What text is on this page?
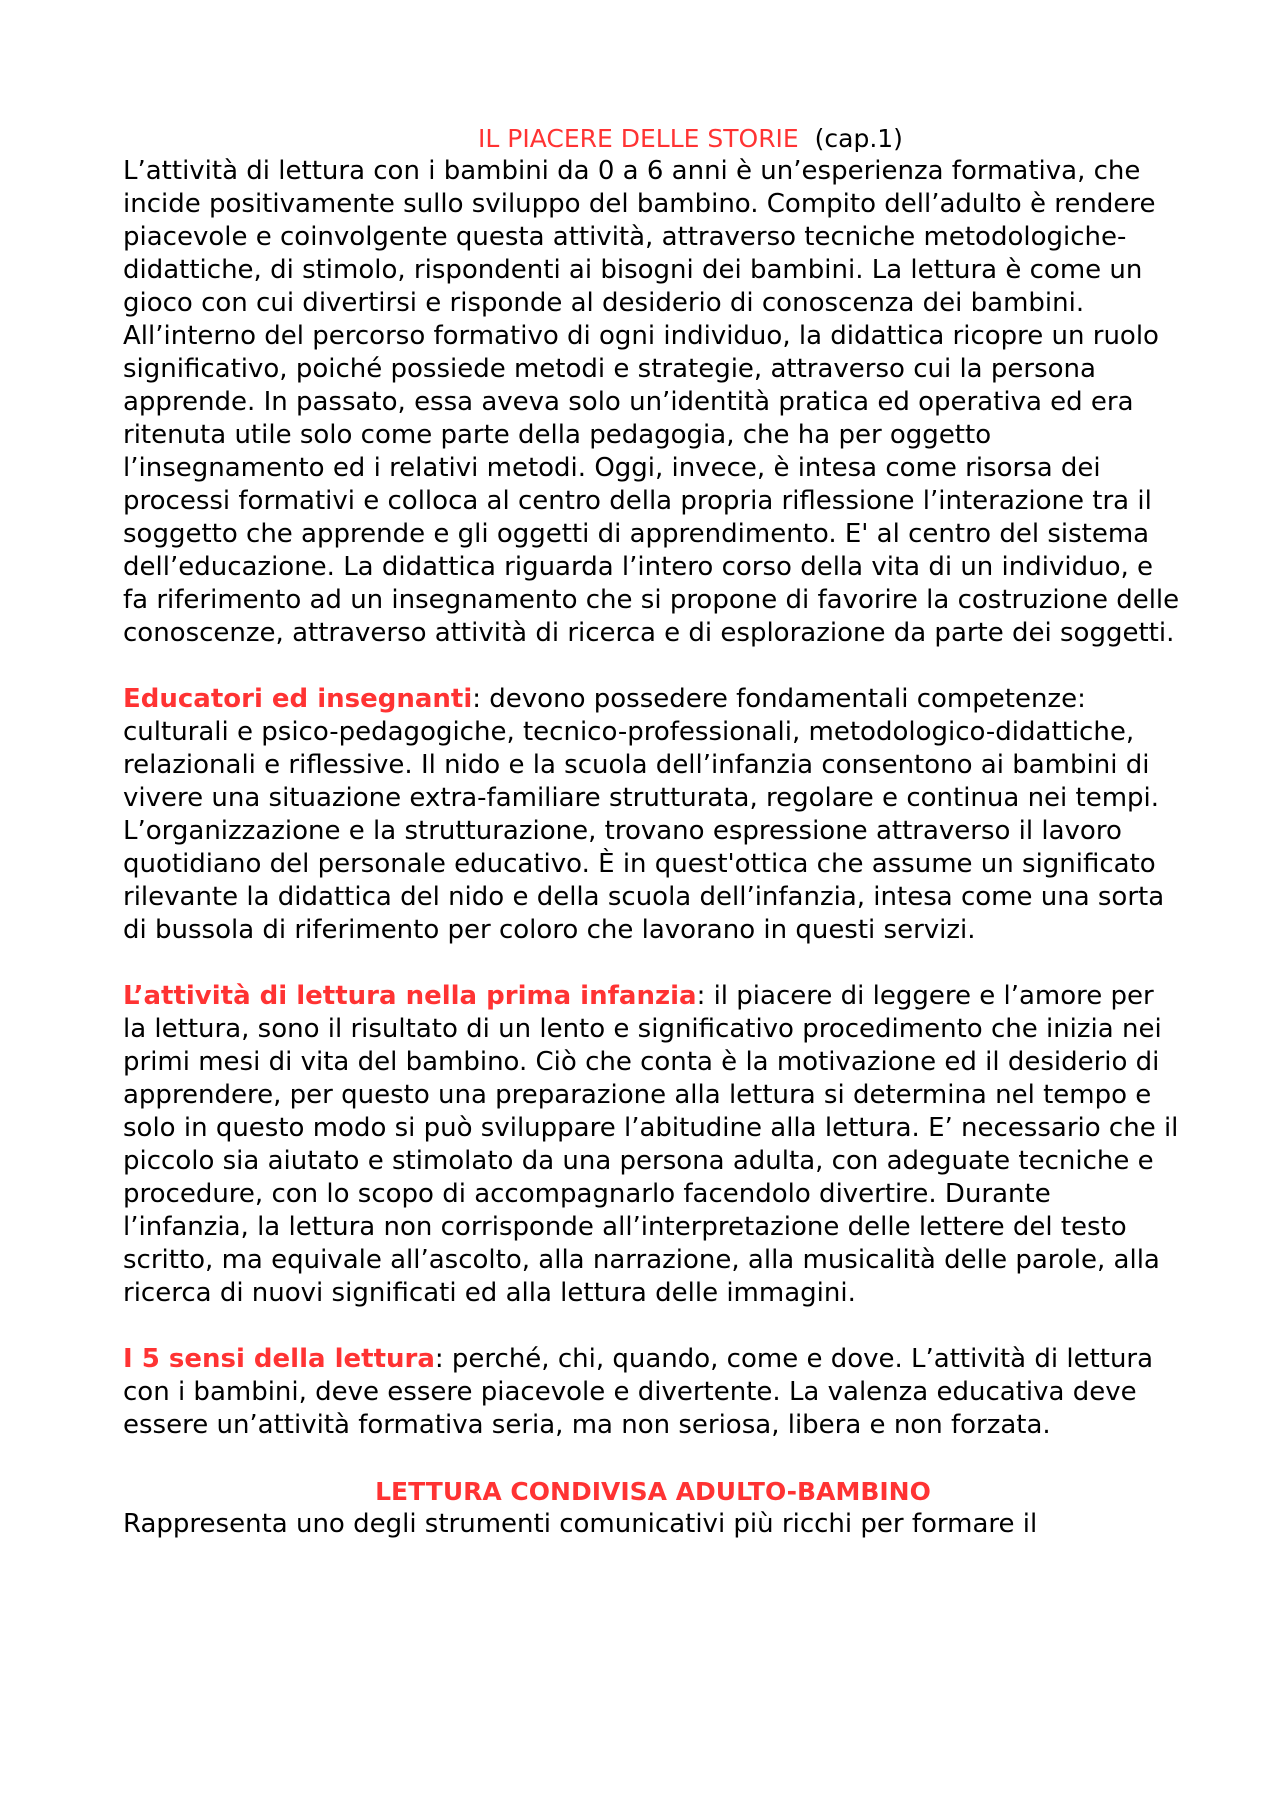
IL PIACERE DELLE STORIE (cap.1)

L’attività di lettura con i bambini da 0 a 6 anni è un’esperienza formativa, che incide positivamente sullo sviluppo del bambino. Compito dell’adulto è rendere piacevole e coinvolgente questa attività, attraverso tecniche metodologiche-didattiche, di stimolo, rispondenti ai bisogni dei bambini. La lettura è come un gioco con cui divertirsi e risponde al desiderio di conoscenza dei bambini. All’interno del percorso formativo di ogni individuo, la didattica ricopre un ruolo significativo, poiché possiede metodi e strategie, attraverso cui la persona apprende. In passato, essa aveva solo un’identità pratica ed operativa ed era ritenuta utile solo come parte della pedagogia, che ha per oggetto l’insegnamento ed i relativi metodi. Oggi, invece, è intesa come risorsa dei processi formativi e colloca al centro della propria riflessione l’interazione tra il soggetto che apprende e gli oggetti di apprendimento. E' al centro del sistema dell’educazione. La didattica riguarda l’intero corso della vita di un individuo, e fa riferimento ad un insegnamento che si propone di favorire la costruzione delle conoscenze, attraverso attività di ricerca e di esplorazione da parte dei soggetti.

Educatori ed insegnanti: devono possedere fondamentali competenze: culturali e psico-pedagogiche, tecnico-professionali, metodologico-didattiche, relazionali e riflessive. Il nido e la scuola dell’infanzia consentono ai bambini di vivere una situazione extra-familiare strutturata, regolare e continua nei tempi. L’organizzazione e la strutturazione, trovano espressione attraverso il lavoro quotidiano del personale educativo. È in quest'ottica che assume un significato rilevante la didattica del nido e della scuola dell’infanzia, intesa come una sorta di bussola di riferimento per coloro che lavorano in questi servizi.

L’attività di lettura nella prima infanzia: il piacere di leggere e l’amore per la lettura, sono il risultato di un lento e significativo procedimento che inizia nei primi mesi di vita del bambino. Ciò che conta è la motivazione ed il desiderio di apprendere, per questo una preparazione alla lettura si determina nel tempo e solo in questo modo si può sviluppare l’abitudine alla lettura. E’ necessario che il piccolo sia aiutato e stimolato da una persona adulta, con adeguate tecniche e procedure, con lo scopo di accompagnarlo facendolo divertire. Durante l’infanzia, la lettura non corrisponde all’interpretazione delle lettere del testo scritto, ma equivale all’ascolto, alla narrazione, alla musicalità delle parole, alla ricerca di nuovi significati ed alla lettura delle immagini.

I 5 sensi della lettura: perché, chi, quando, come e dove. L’attività di lettura con i bambini, deve essere piacevole e divertente. La valenza educativa deve essere un’attività formativa seria, ma non seriosa, libera e non forzata.

LETTURA CONDIVISA ADULTO-BAMBINO

Rappresenta uno degli strumenti comunicativi più ricchi per formare il
